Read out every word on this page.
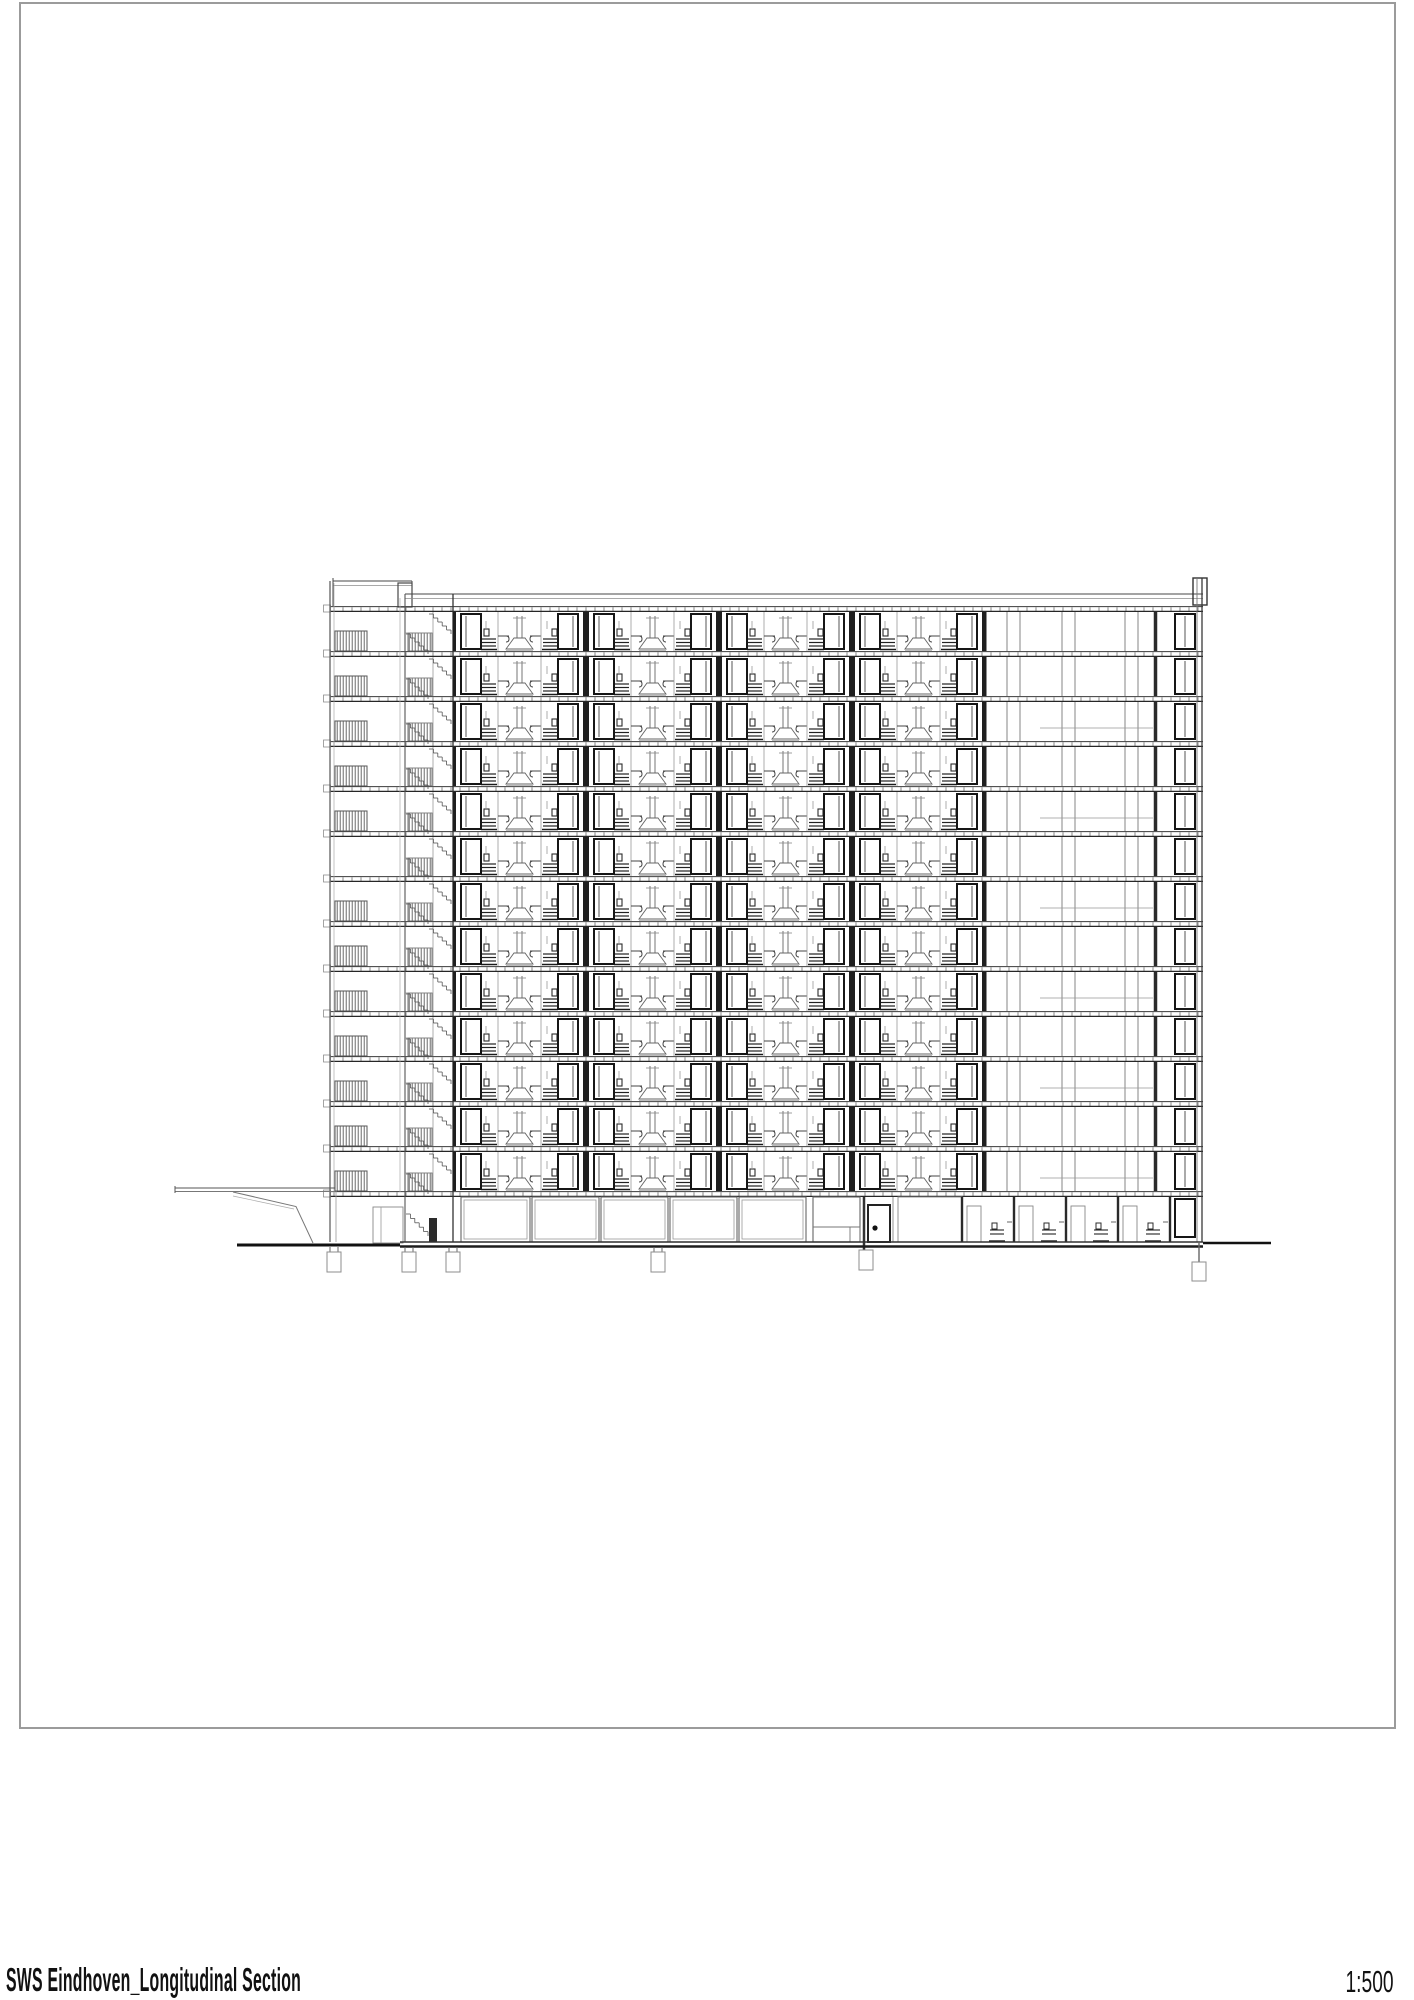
SWS Eindhoven_Longitudinal Section	1:500
